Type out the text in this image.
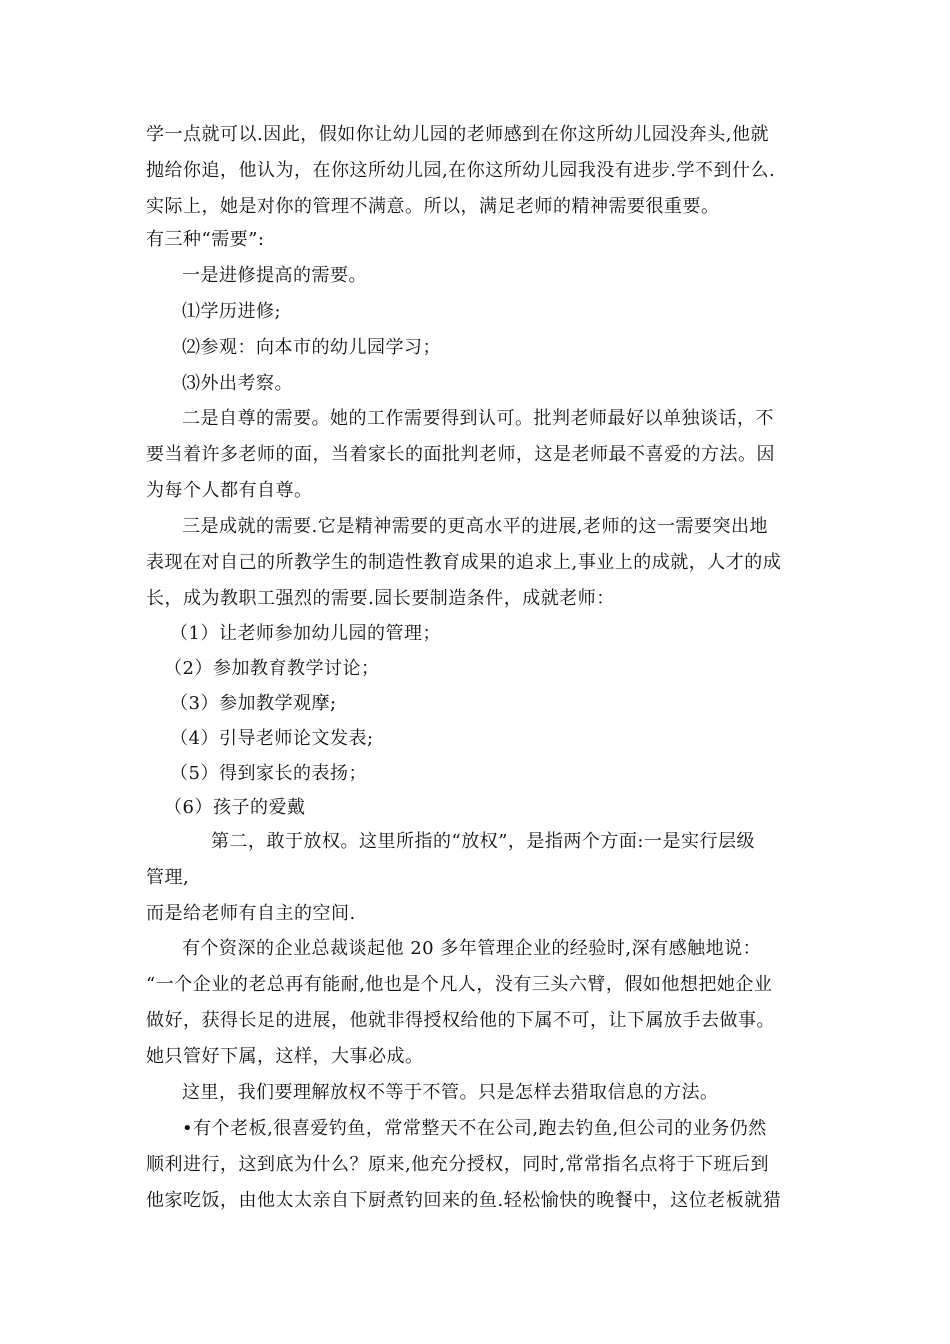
学一点就可以.因此，假如你让幼儿园的老师感到在你这所幼儿园没奔头,他就
抛给你追，他认为，在你这所幼儿园,在你这所幼儿园我没有进步.学不到什么.
实际上，她是对你的管理不满意。所以，满足老师的精神需要很重要。
有三种“需要”:
一是进修提高的需要。
⑴学历进修;
⑵参观：向本市的幼儿园学习；
⑶外出考察。
二是自尊的需要。她的工作需要得到认可。批判老师最好以单独谈话，不
要当着许多老师的面，当着家长的面批判老师，这是老师最不喜爱的方法。因
为每个人都有自尊。
三是成就的需要.它是精神需要的更高水平的进展,老师的这一需要突出地
表现在对自己的所教学生的制造性教育成果的追求上,事业上的成就，人才的成
长，成为教职工强烈的需要.园长要制造条件，成就老师：
（1）让老师参加幼儿园的管理；
（2）参加教育教学讨论；
（3）参加教学观摩;
（4）引导老师论文发表;
（5）得到家长的表扬；
（6）孩子的爱戴
第二，敢于放权。这里所指的“放权”，是指两个方面:一是实行层级
管理,
而是给老师有自主的空间.
有个资深的企业总裁谈起他 20 多年管理企业的经验时,深有感触地说：
“一个企业的老总再有能耐,他也是个凡人，没有三头六臂，假如他想把她企业
做好，获得长足的进展，他就非得授权给他的下属不可，让下属放手去做事。
她只管好下属，这样，大事必成。
这里，我们要理解放权不等于不管。只是怎样去猎取信息的方法。
•有个老板,很喜爱钓鱼，常常整天不在公司,跑去钓鱼,但公司的业务仍然
顺利进行，这到底为什么？原来,他充分授权，同时,常常指名点将于下班后到
他家吃饭，由他太太亲自下厨煮钓回来的鱼.轻松愉快的晚餐中，这位老板就猎
